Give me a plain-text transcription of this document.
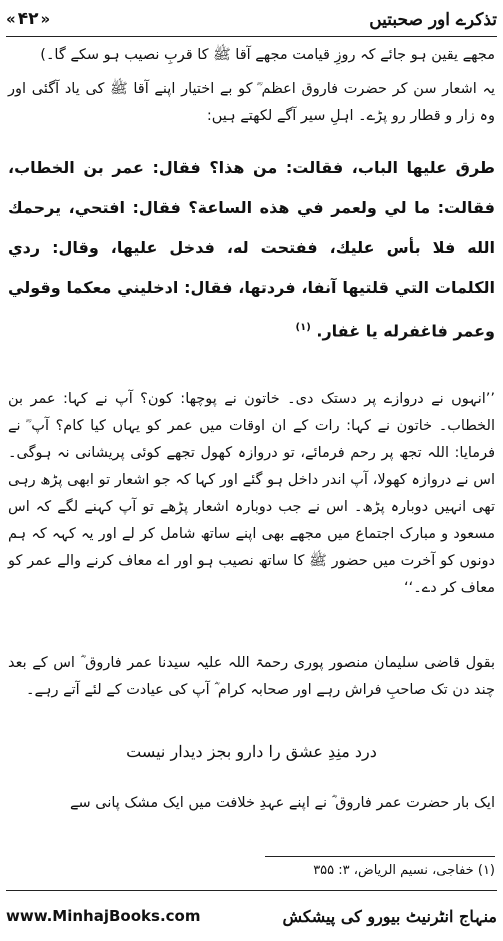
« ۴۲ »	تذکرے اور صحبتیں
مجھے یقین ہو جائے کہ روزِ قیامت مجھے آقا ﷺ کا قربِ نصیب ہو سکے گا۔)
یہ اشعار سن کر حضرت فاروق اعظم ؓ کو بے اختیار اپنے آقا ﷺ کی یاد آگئی اور وہ زار و قطار رو پڑے۔ اہلِ سیر آگے لکھتے ہیں:
طرق عليها الباب، فقالت: من هذا؟ فقال: عمر بن الخطاب، فقالت: ما لي ولعمر في هذه الساعة؟ فقال: افتحي، يرحمك الله فلا بأس عليك، ففتحت له، فدخل عليها، وقال: ردي الكلمات التي قلتيها آنفا، فردتها، فقال: ادخليني معكما وقولي وعمر فاغفرله يا غفار. $^{(۱)}$
’’انہوں نے دروازے پر دستک دی۔ خاتون نے پوچھا: کون؟ آپ نے کہا: عمر بن الخطاب۔ خاتون نے کہا: رات کے ان اوقات میں عمر کو یہاں کیا کام؟ آپ ؓ نے فرمایا: اللہ تجھ پر رحم فرمائے، تو دروازہ کھول تجھے کوئی پریشانی نہ ہوگی۔ اس نے دروازہ کھولا، آپ اندر داخل ہو گئے اور کہا کہ جو اشعار تو ابھی پڑھ رہی تھی انہیں دوبارہ پڑھ۔ اس نے جب دوبارہ اشعار پڑھے تو آپ کہنے لگے کہ اس مسعود و مبارک اجتماع میں مجھے بھی اپنے ساتھ شامل کر لے اور یہ کہہ کہ ہم دونوں کو آخرت میں حضور ﷺ کا ساتھ نصیب ہو اور اے معاف کرنے والے عمر کو معاف کر دے۔‘‘
بقول قاضی سلیمان منصور پوری رحمۃ اللہ علیہ سیدنا عمر فاروق ؓ اس کے بعد چند دن تک صاحبِ فراش رہے اور صحابہ کرام ؓ آپ کی عیادت کے لئے آتے رہے۔
درد منِدِ عشق را دارو بجز دیدار نیست
ایک بار حضرت عمر فاروق ؓ نے اپنے عہدِ خلافت میں ایک مشک پانی سے
(۱) خفاجی، نسیم الریاض، ۳: ۳۵۵
www.MinhajBooks.com	منہاج انٹرنیٹ بیورو کی پیشکش
